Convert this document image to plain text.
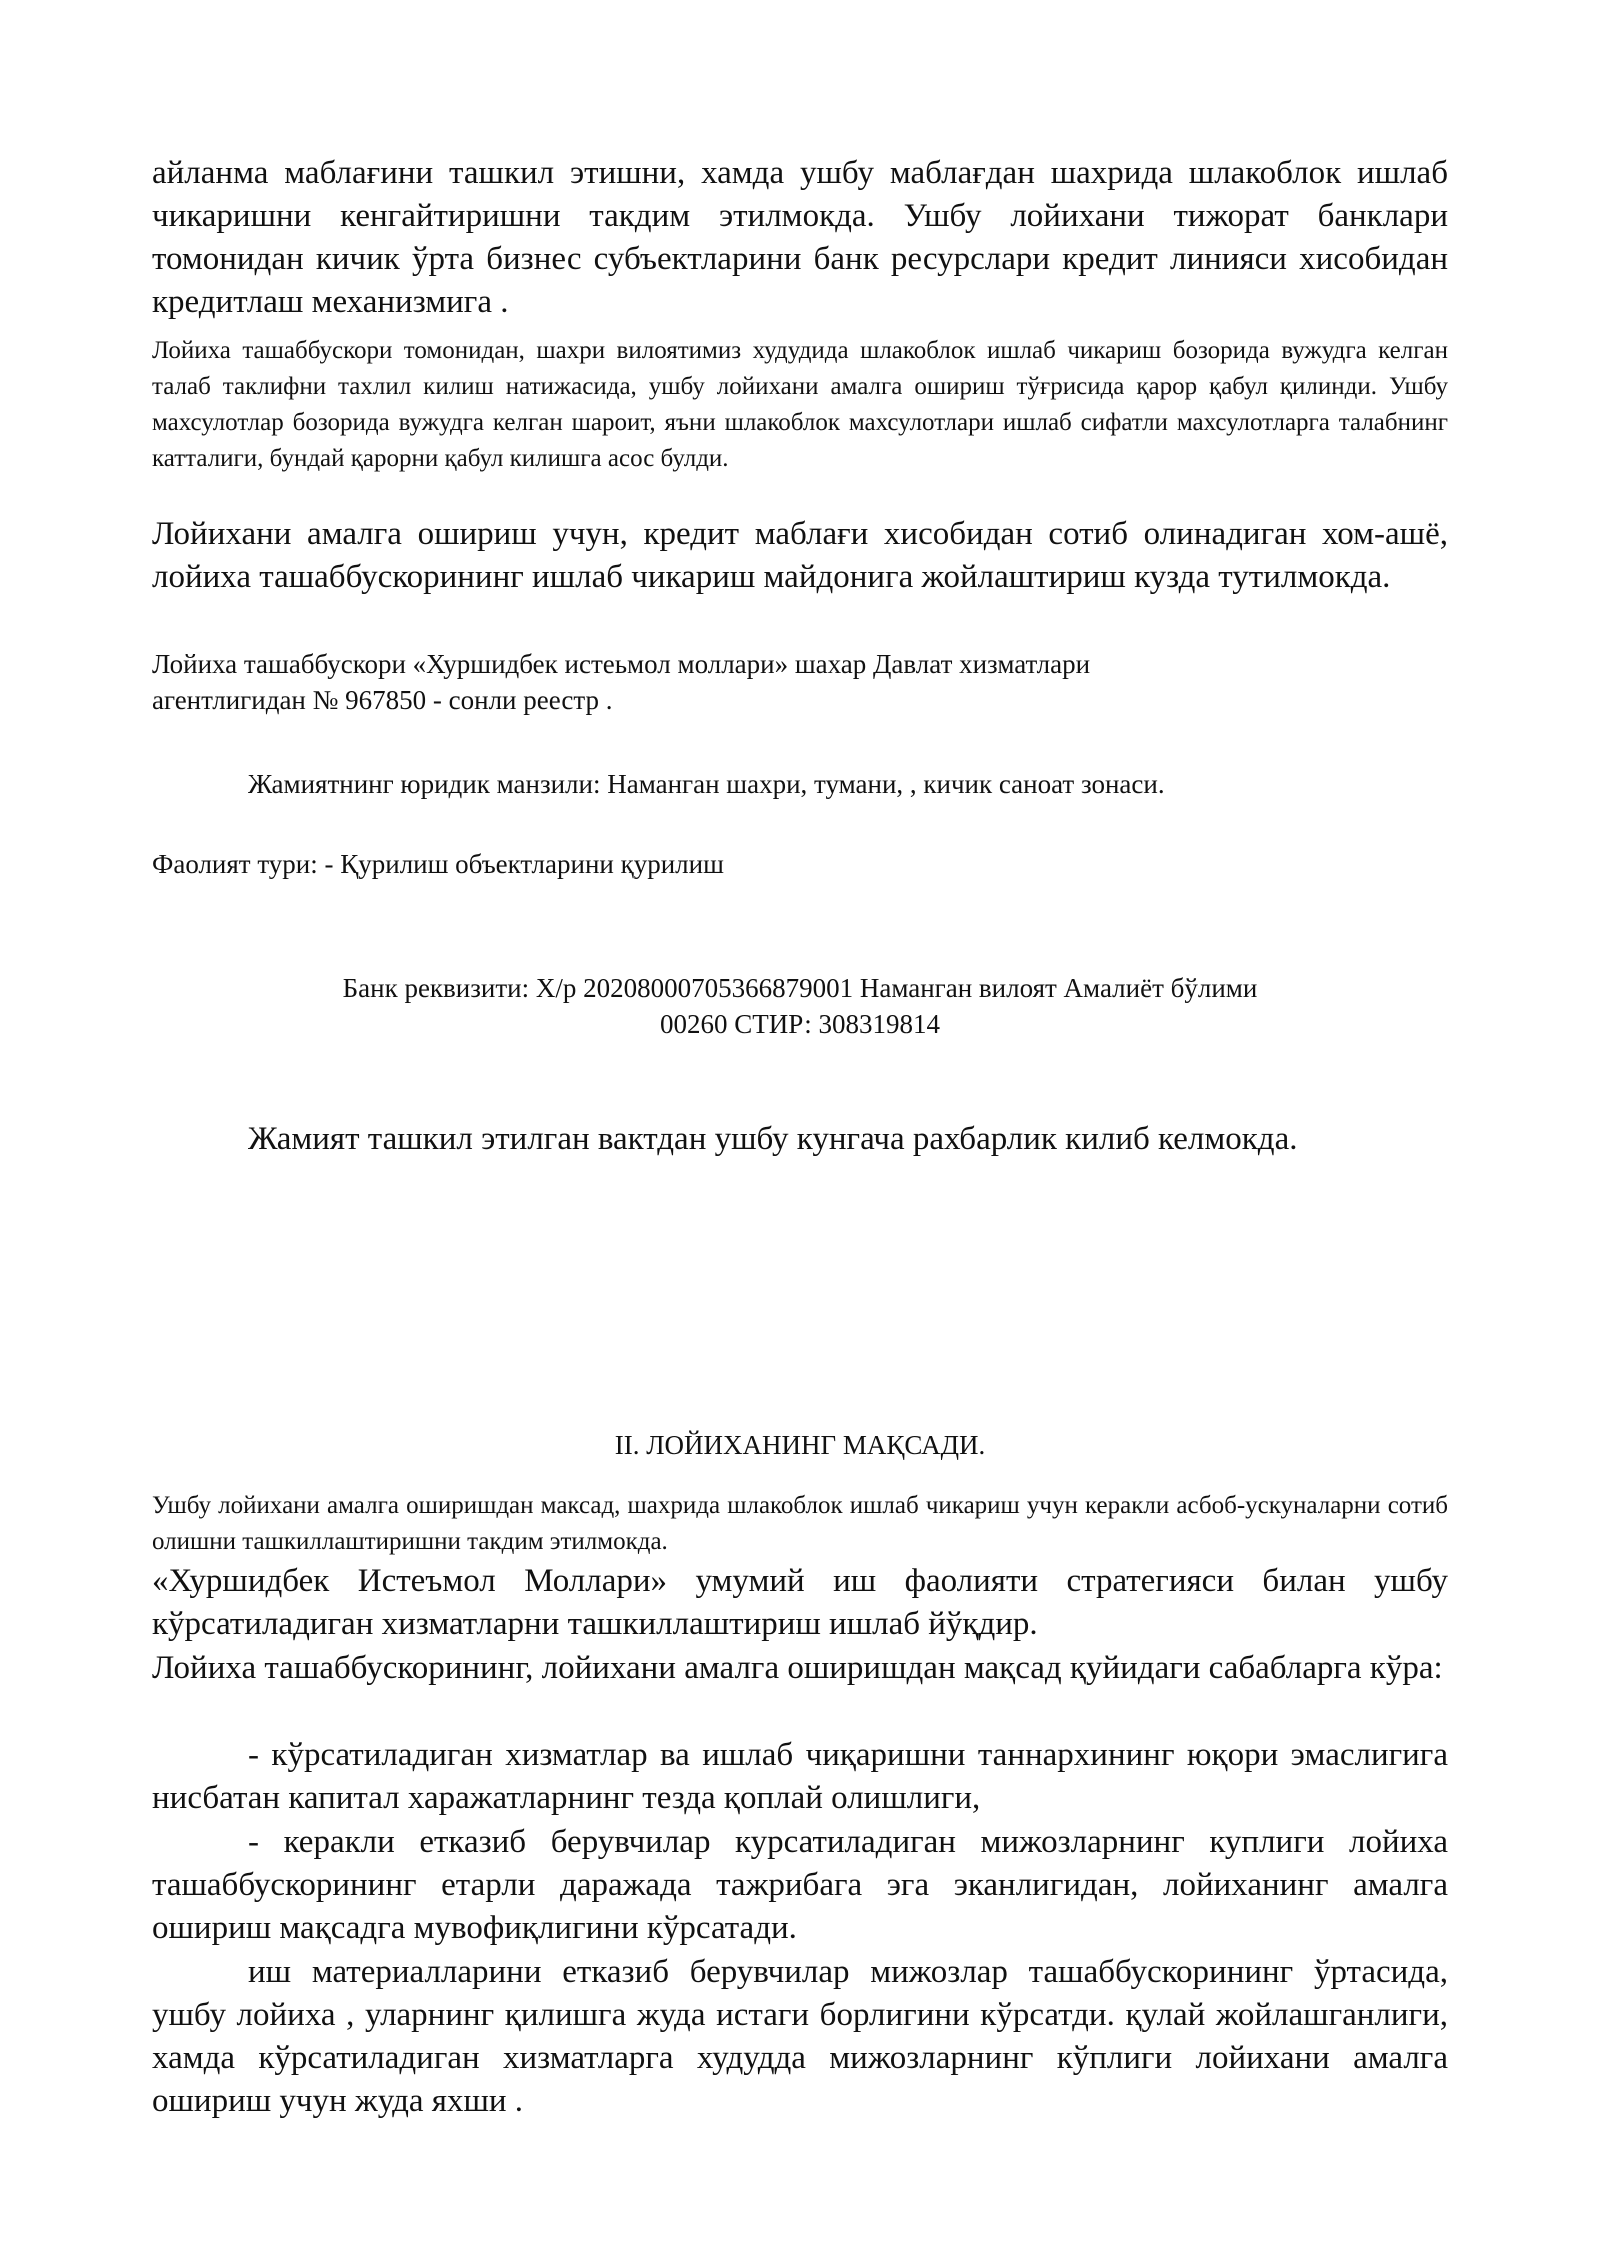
айланма маблағини ташкил этишни, хамда ушбу маблағдан шахрида шлакоблок ишлаб чикаришни кенгайтиришни такдим этилмокда. Ушбу лойихани тижорат банклари томонидан кичик ўрта бизнес субъектларини банк ресурслари кредит линияси хисобидан кредитлаш механизмига .

Лойиха ташаббускори томонидан, шахри вилоятимиз худудида шлакоблок ишлаб чикариш бозорида вужудга келган талаб таклифни тахлил килиш натижасида, ушбу лойихани амалга ошириш тўғрисида қарор қабул қилинди. Ушбу махсулотлар бозорида вужудга келган шароит, яъни шлакоблок махсулотлари ишлаб сифатли махсулотларга талабнинг катталиги, бундай қарорни қабул килишга асос булди.

Лойихани амалга ошириш учун, кредит маблағи хисобидан сотиб олинадиган хом-ашё, лойиха ташаббускорининг ишлаб чикариш майдонига жойлаштириш кузда тутилмокда.

Лойиха ташаббускори «Хуршидбек истеьмол моллари» шахар Давлат хизматлари
агентлигидан № 967850 - сонли реестр .

Жамиятнинг юридик манзили: Наманган шахри, тумани, , кичик саноат зонаси.

Фаолият тури: - Қурилиш объектларини қурилиш

Банк реквизити: Х/р 20208000705366879001 Наманган вилоят Амалиёт бўлими
00260 СТИР: 308319814

Жамият ташкил этилган вактдан ушбу кунгача рахбарлик килиб келмокда.

II. ЛОЙИХАНИНГ МАҚСАДИ.

Ушбу лойихани амалга оширишдан максад, шахрида шлакоблок ишлаб чикариш учун керакли асбоб-ускуналарни сотиб олишни ташкиллаштиришни такдим этилмокда.

«Хуршидбек Истеъмол Моллари» умумий иш фаолияти стратегияси билан ушбу кўрсатиладиган хизматларни ташкиллаштириш ишлаб йўқдир.

Лойиха ташаббускорининг, лойихани амалга оширишдан мақсад қуйидаги сабабларга кўра:

- кўрсатиладиган хизматлар ва ишлаб чиқаришни таннархининг юқори эмаслигига нисбатан капитал харажатларнинг тезда қоплай олишлиги,

- керакли етказиб берувчилар курсатиладиган мижозларнинг куплиги лойиха ташаббускорининг етарли даражада тажрибага эга эканлигидан, лойиханинг амалга ошириш мақсадга мувофиқлигини кўрсатади.

иш материалларини етказиб берувчилар мижозлар ташаббускорининг ўртасида, ушбу лойиха , уларнинг қилишга жуда истаги борлигини кўрсатди. қулай жойлашганлиги, хамда кўрсатиладиган хизматларга худудда мижозларнинг кўплиги лойихани амалга ошириш учун жуда яхши .
